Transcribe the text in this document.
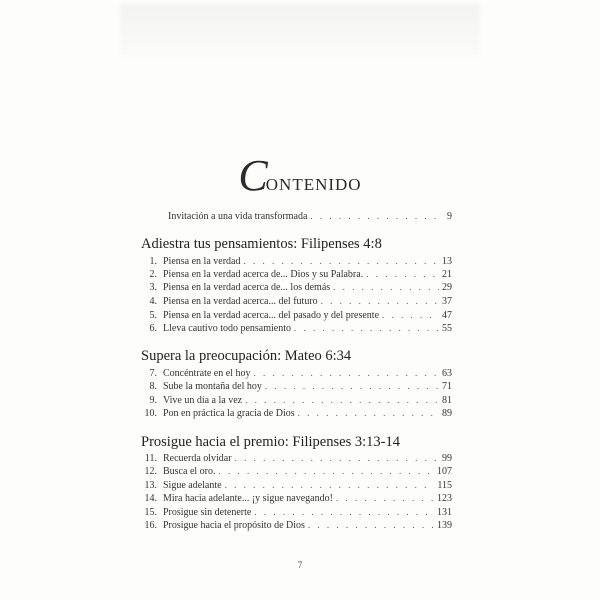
CONTENIDO
Invitación a una vida transformada . . .	9
Adiestra tus pensamientos: Filipenses 4:8
1. Piensa en la verdad . . .	13
2. Piensa en la verdad acerca de... Dios y su Palabra. . . .	21
3. Piensa en la verdad acerca de... los demás . . .	29
4. Piensa en la verdad acerca... del futuro . . .	37
5. Piensa en la verdad acerca... del pasado y del presente . . .	47
6. Lleva cautivo todo pensamiento . . .	55
Supera la preocupación: Mateo 6:34
7. Concéntrate en el hoy . . .	63
8. Sube la montaña del hoy . . .	71
9. Vive un día a la vez . . .	81
10. Pon en práctica la gracia de Dios . . .	89
Prosigue hacia el premio: Filipenses 3:13-14
11. Recuerda olvidar . . .	99
12. Busca el oro. . . .	107
13. Sigue adelante . . .	115
14. Mira hacia adelante... ¡y sigue navegando! . . .	123
15. Prosigue sin detenerte . . .	131
16. Prosigue hacia el propósito de Dios . . .	139
7
